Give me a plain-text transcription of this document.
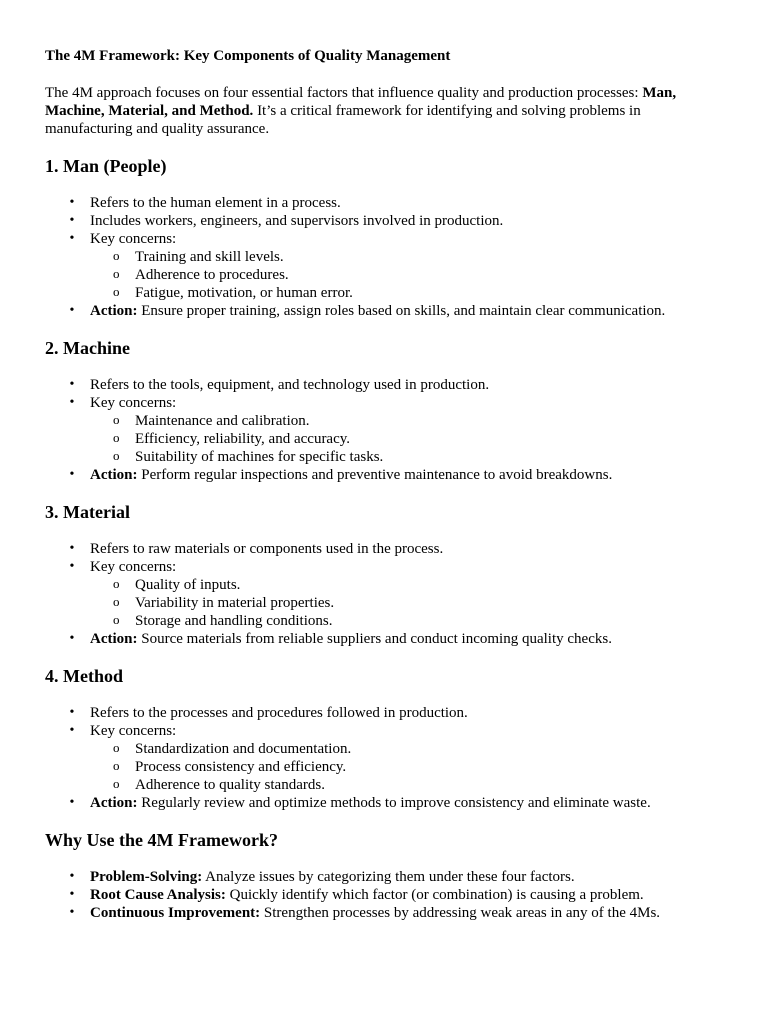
The 4M Framework: Key Components of Quality Management

The 4M approach focuses on four essential factors that influence quality and production processes: Man, Machine, Material, and Method. It’s a critical framework for identifying and solving problems in manufacturing and quality assurance.

1. Man (People)
• Refers to the human element in a process.
• Includes workers, engineers, and supervisors involved in production.
• Key concerns:
o Training and skill levels.
o Adherence to procedures.
o Fatigue, motivation, or human error.
• Action: Ensure proper training, assign roles based on skills, and maintain clear communication.
2. Machine
• Refers to the tools, equipment, and technology used in production.
• Key concerns:
o Maintenance and calibration.
o Efficiency, reliability, and accuracy.
o Suitability of machines for specific tasks.
• Action: Perform regular inspections and preventive maintenance to avoid breakdowns.
3. Material
• Refers to raw materials or components used in the process.
• Key concerns:
o Quality of inputs.
o Variability in material properties.
o Storage and handling conditions.
• Action: Source materials from reliable suppliers and conduct incoming quality checks.
4. Method
• Refers to the processes and procedures followed in production.
• Key concerns:
o Standardization and documentation.
o Process consistency and efficiency.
o Adherence to quality standards.
• Action: Regularly review and optimize methods to improve consistency and eliminate waste.
Why Use the 4M Framework?
• Problem-Solving: Analyze issues by categorizing them under these four factors.
• Root Cause Analysis: Quickly identify which factor (or combination) is causing a problem.
• Continuous Improvement: Strengthen processes by addressing weak areas in any of the 4Ms.
